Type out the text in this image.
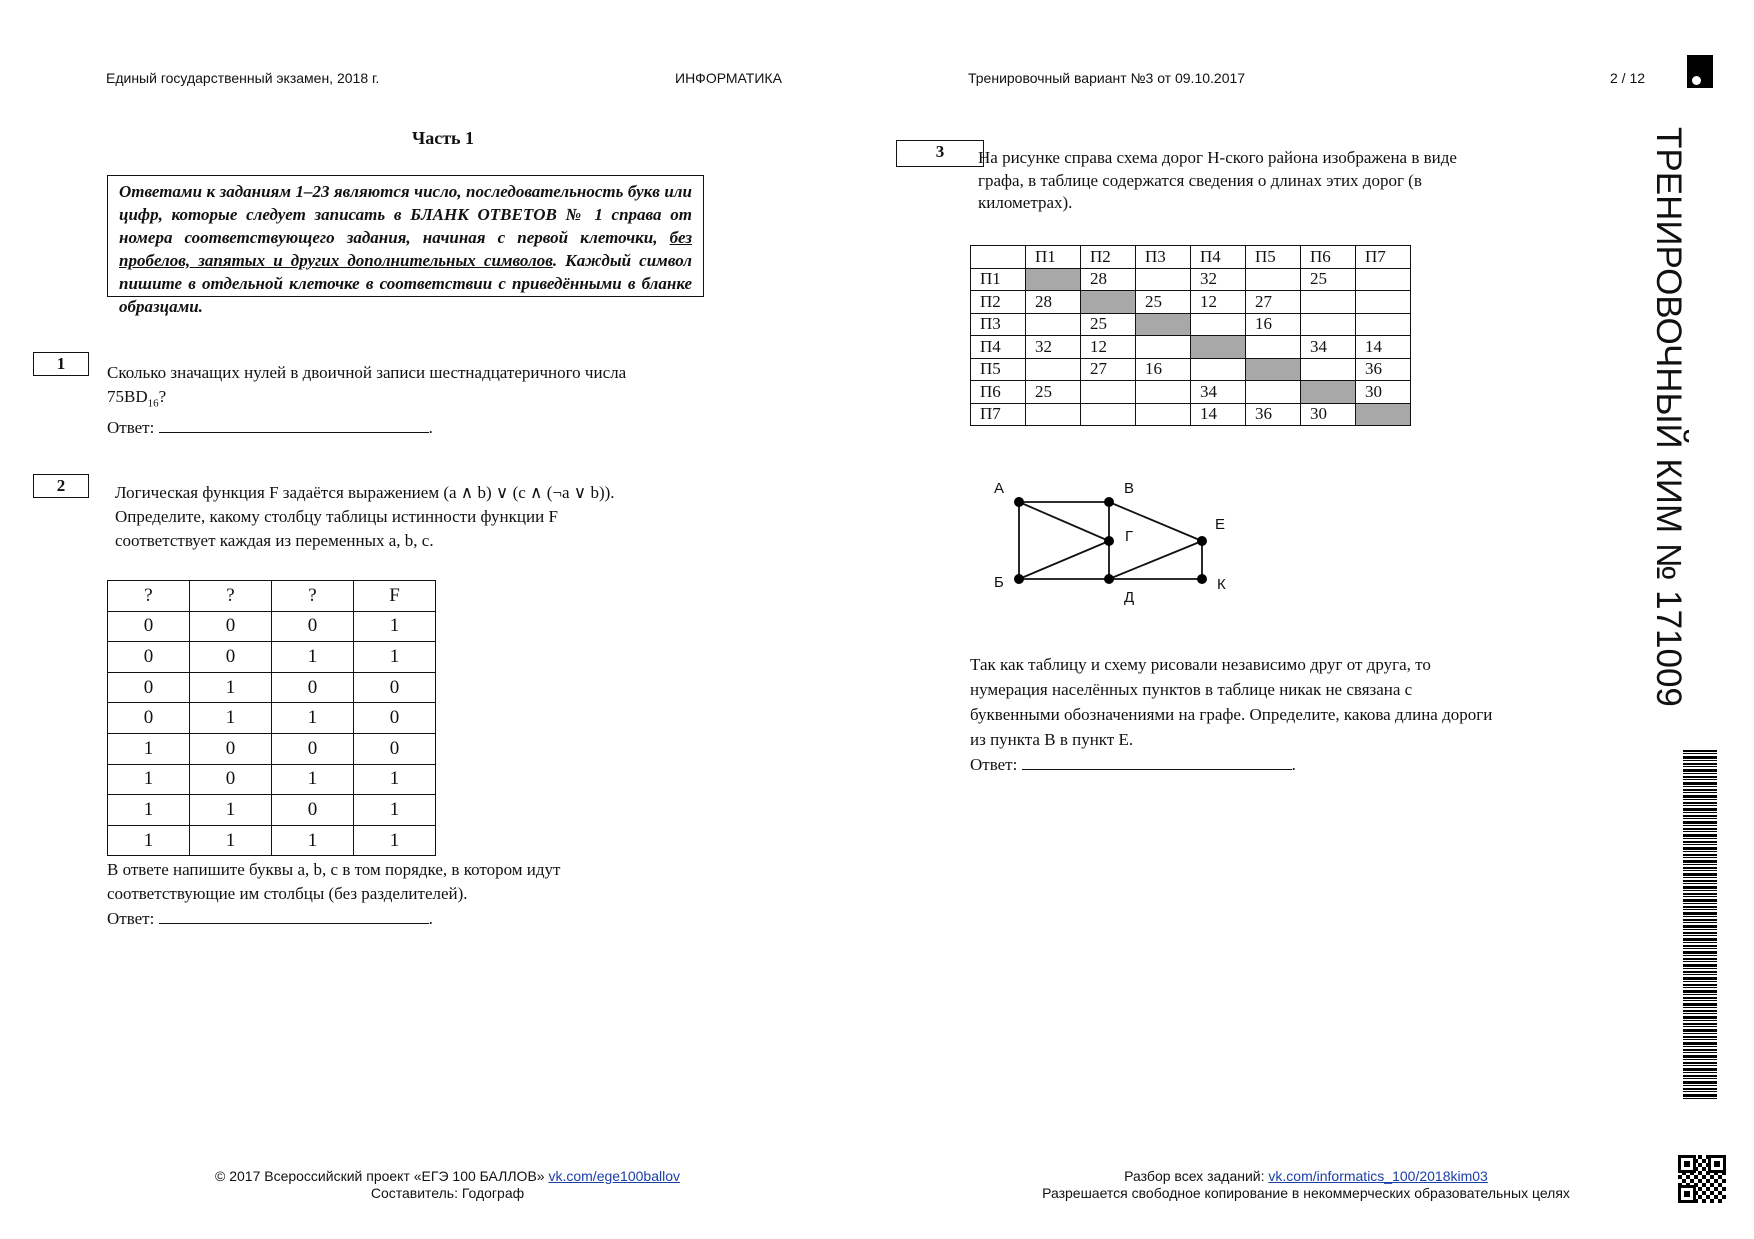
Единый государственный экзамен, 2018 г.	ИНФОРМАТИКА	Тренировочный вариант №3 от 09.10.2017	2 / 12
Часть 1
Ответами к заданиям 1–23 являются число, последовательность букв или цифр, которые следует записать в БЛАНК ОТВЕТОВ № 1 справа от номера соответствующего задания, начиная с первой клеточки, без пробелов, запятых и других дополнительных символов. Каждый символ пишите в отдельной клеточке в соответствии с приведёнными в бланке образцами.
1	Сколько значащих нулей в двоичной записи шестнадцатеричного числа
$75BD_{16}$?
Ответ:	.
2	Логическая функция F задаётся выражением (a ∧ b) ∨ (c ∧ (¬a ∨ b)).
Определите, какому столбцу таблицы истинности функции F
соответствует каждая из переменных a, b, c.
?	?	?	F
0	0	0	1
0	0	1	1
0	1	0	0
0	1	1	0
1	0	0	0
1	0	1	1
1	1	0	1
1	1	1	1
В ответе напишите буквы a, b, c в том порядке, в котором идут
соответствующие им столбцы (без разделителей).
Ответ:	.
3	На рисунке справа схема дорог Н-ского района изображена в виде
графа, в таблице содержатся сведения о длинах этих дорог (в
километрах).
	П1	П2	П3	П4	П5	П6	П7
П1		28		32		25	
П2	28		25	12	27		
П3		25			16		
П4	32	12				34	14
П5		27	16				36
П6	25			34			30
П7				14	36	30	
А
Б
В
Г
Д
Е
К
Так как таблицу и схему рисовали независимо друг от друга, то
нумерация населённых пунктов в таблице никак не связана с
буквенными обозначениями на графе. Определите, какова длина дороги
из пункта В в пункт Е.
Ответ:	.
ТРЕНИРОВОЧНЫЙ КИМ № 171009
© 2017 Всероссийский проект «ЕГЭ 100 БАЛЛОВ» vk.com/ege100ballov
Составитель: Годограф
Разбор всех заданий: vk.com/informatics_100/2018kim03
Разрешается свободное копирование в некоммерческих образовательных целях
